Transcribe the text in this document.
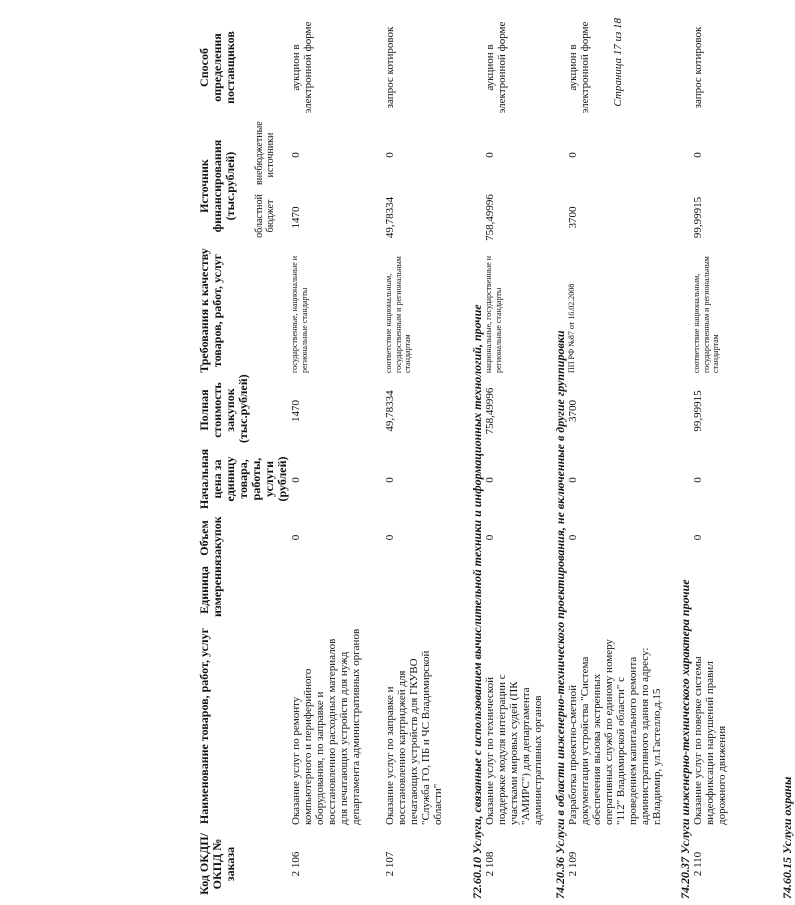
Код ОКДП/ ОКПД № заказа
Наименование товаров, работ, услуг
Единица измерения
Объем закупок
Начальная цена за единицу товара, работы, услуги (рублей)
Полная стоимость закупок (тыс.рублей)
Требования к качеству товаров, работ, услуг
Источник финансирования (тыс.рублей) областной бюджет
внебюджетные источники
Способ определения поставщиков
2 106
Оказание услуг по ремонту компьютерного и периферийного оборудования, по заправке и восстановлению расходных материалов для печатающих устройств для нужд департамента административных органов
0
0
1470
государственные, национальные и региональные стандарты
1470
0
аукцион в электронной форме
2 107
Оказание услуг по заправке и восстановлению картриджей для печатающих устройств для ГКУВО "Служба ГО, ПБ и ЧС Владимирской области"
0
0
49,78334
соответствие национальным, государственным и региональным стандартам
49,78334
0
запрос котировок
72.60.10 Услуги, связанные с использованием вычислительной техники и информационных технологий, прочие 2 108
Оказание услуг по технической поддержке модуля интеграции с участками мировых судей (ПК "АМИРС") для департамента административных органов
0
0
758,49996
национальные, государственные и региональные стандарты
758,49996
0
аукцион в электронной форме
74.20.36 Услуги в области инженерно-технического проектирования, не включенные в другие группировки 2 109
Разработка проектно-сметной документации устройства "Система обеспечения вызова экстренных оперативных служб по единому номеру "112" Владимирской области" с проведением капитального ремонта административного здания по адресу: г.Владимир, ул.Гастелло,д.15
0
0
3700
ПП РФ №87 от 16.02.2008
3700
0
аукцион в электронной форме
74.20.37 Услуги инженерно-технического характера прочие 2 110
Оказание услуг по поверке системы видеофиксации нарушений правил дорожного движения
0
0
99,99915
соответствие национальным, государственным и региональным стандартам
99,99915
0
запрос котировок
74.60.15 Услуги охраны
Страница 17 из 18
